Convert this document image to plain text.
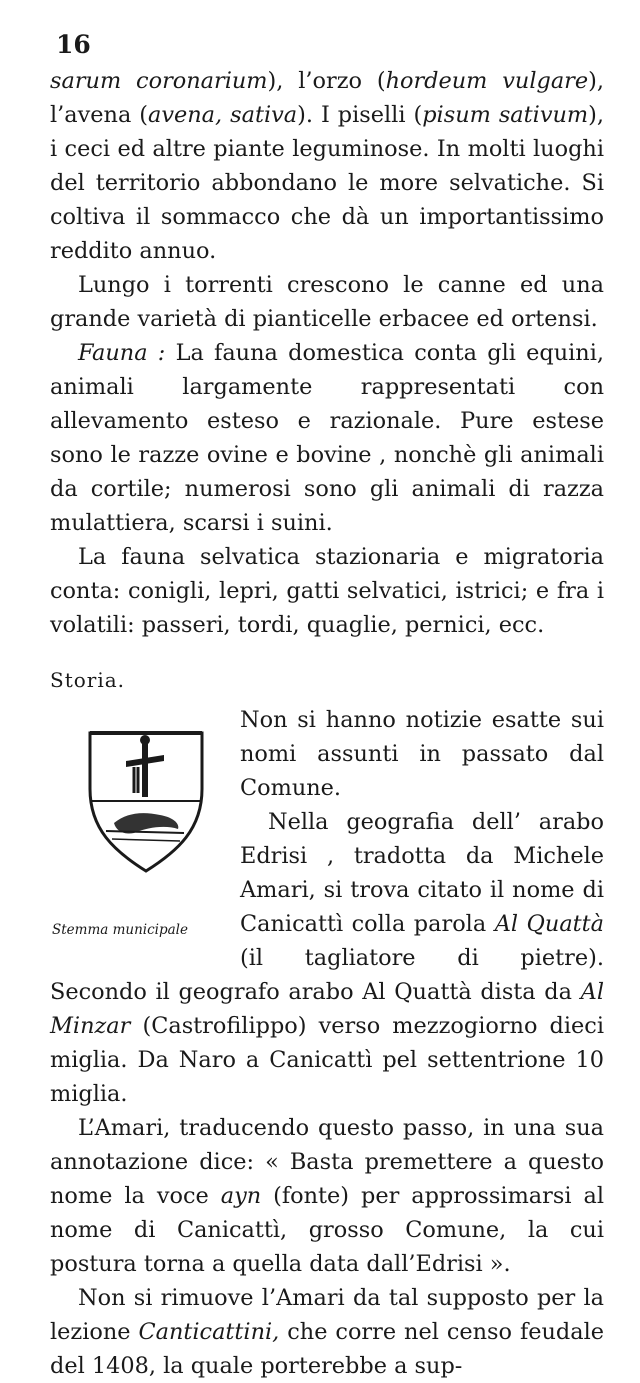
16

sarum coronarium), l’orzo (hordeum vulgare), l’avena (avena, sativa). I piselli (pisum sativum), i ceci ed altre piante leguminose. In molti luoghi del territorio abbondano le more selvatiche. Si coltiva il sommacco che dà un importantissimo reddito annuo.

Lungo i torrenti crescono le canne ed una grande varietà di pianticelle erbacee ed ortensi.

Fauna : La fauna domestica conta gli equini, animali largamente rappresentati con allevamento esteso e razionale. Pure estese sono le razze ovine e bovine , nonchè gli animali da cortile; numerosi sono gli animali di razza mulattiera, scarsi i suini.

La fauna selvatica stazionaria e migratoria conta: conigli, lepri, gatti selvatici, istrici; e fra i volatili: passeri, tordi, quaglie, pernici, ecc.

Storia.
Stemma municipale

Non si hanno notizie esatte sui nomi assunti in passato dal Comune.

Nella geografia dell’ arabo Edrisi , tradotta da Michele Amari, si trova citato il nome di Canicattì colla parola Al Quattà (il tagliatore di pietre). Secondo il geografo arabo Al Quattà dista da Al Minzar (Castrofilippo) verso mezzogiorno dieci miglia. Da Naro a Canicattì pel settentrione 10 miglia.

L’Amari, traducendo questo passo, in una sua annotazione dice: « Basta premettere a questo nome la voce ayn (fonte) per approssimarsi al nome di Canicattì, grosso Comune, la cui postura torna a quella data dall’Edrisi ».

Non si rimuove l’Amari da tal supposto per la lezione Canticattini, che corre nel censo feudale del 1408, la quale porterebbe a sup-
